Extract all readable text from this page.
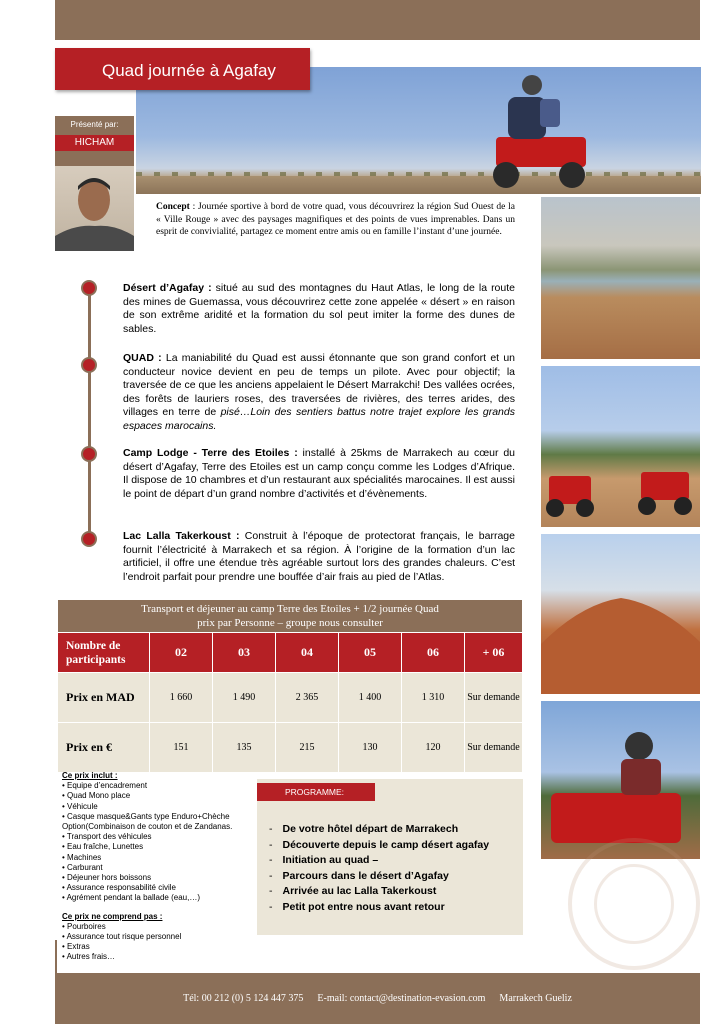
Quad journée à Agafay
Présenté par:
HICHAM

Concept : Journée sportive à bord de votre quad, vous découvrirez la région Sud Ouest de la « Ville Rouge » avec des paysages magnifiques et des points de vues imprenables. Dans un esprit de convivialité, partagez ce moment entre amis ou en famille l’instant d’une journée.

Désert d’Agafay : situé au sud des montagnes du Haut Atlas, le long de la route des mines de Guemassa, vous découvrirez cette zone appelée « désert » en raison de son extrême aridité et la formation du sol peut imiter la forme des dunes de sables.

QUAD : La maniabilité du Quad est aussi étonnante que son grand confort et un conducteur novice devient en peu de temps un pilote. Avec pour objectif; la traversée de ce que les anciens appelaient le Désert Marrakchi! Des vallées ocrées, des forêts de lauriers roses, des traversées de rivières, des terres arides, des villages en terre de pisé…Loin des sentiers battus notre trajet explore les grands espaces marocains.

Camp Lodge - Terre des Etoiles : installé à 25kms de Marrakech au cœur du désert d’Agafay, Terre des Etoiles est un camp conçu comme les Lodges d’Afrique. Il dispose de 10 chambres et d’un restaurant aux spécialités marocaines. Il est aussi le point de départ d’un grand nombre d’activités et d’évènements.

Lac Lalla Takerkoust : Construit à l’époque de protectorat français, le barrage fournit l’électricité à Marrakech et sa région. À l’origine de la formation d’un lac artificiel, il offre une étendue très agréable surtout lors des grandes chaleurs. C’est l’endroit parfait pour prendre une bouffée d’air frais au pied de l’Atlas.

Transport et déjeuner au camp Terre des Etoiles + 1/2 journée Quad
prix par Personne – groupe nous consulter						
Nombre de participants	02	03	04	05	06	+ 06
Prix en MAD	1 660	1 490	2 365	1 400	1 310	Sur demande
Prix en €	151	135	215	130	120	Sur demande
Ce prix inclut :
• Equipe d’encadrement
• Quad Mono place
• Véhicule
• Casque masque&Gants type Enduro+Chèche Option(Combinaison de couton et de Zandanas.
• Transport des véhicules
• Eau fraîche, Lunettes
• Machines
• Carburant
• Déjeuner hors boissons
• Assurance responsabilité civile
• Agrément pendant la ballade (eau,…)
Ce prix ne comprend pas :
• Pourboires
• Assurance tout risque personnel
• Extras
• Autres frais…
PROGRAMME:
- De votre hôtel départ de Marrakech
- Découverte depuis le camp désert agafay
- Initiation au quad –
- Parcours dans le désert d’Agafay
- Arrivée au lac Lalla Takerkoust
- Petit pot entre nous avant retour
Tél: 00 212 (0) 5 124 447 375 E-mail: contact@destination-evasion.com Marrakech Gueliz
